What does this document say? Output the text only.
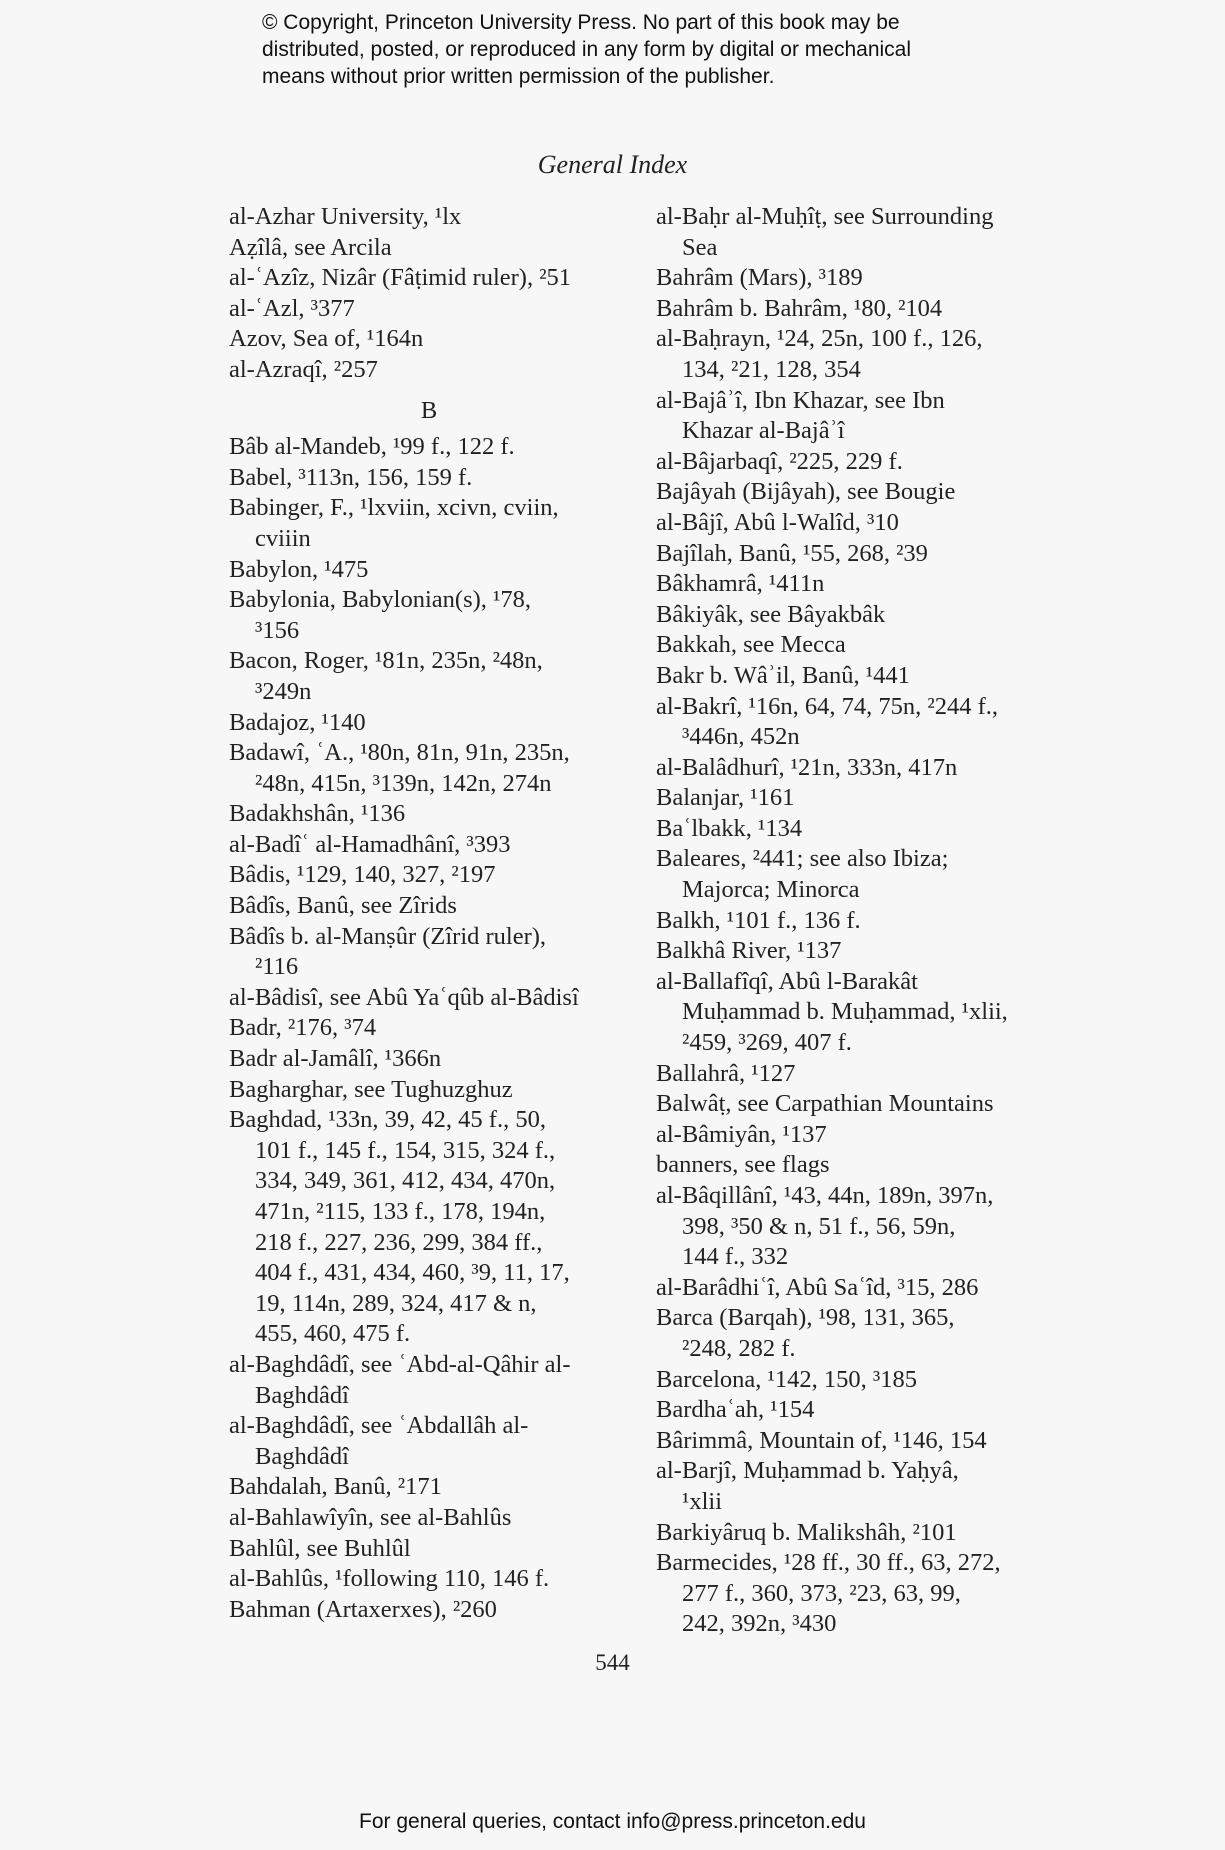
© Copyright, Princeton University Press. No part of this book may be
distributed, posted, or reproduced in any form by digital or mechanical
means without prior written permission of the publisher.
General Index
al-Azhar University, ¹lx
Aẓîlâ, see Arcila
al-ʿAzîz, Nizâr (Fâṭimid ruler), ²51
al-ʿAzl, ³377
Azov, Sea of, ¹164n
al-Azraqî, ²257
B
Bâb al-Mandeb, ¹99 f., 122 f.
Babel, ³113n, 156, 159 f.
Babinger, F., ¹lxviin, xcivn, cviin,
cviiin
Babylon, ¹475
Babylonia, Babylonian(s), ¹78,
³156
Bacon, Roger, ¹81n, 235n, ²48n,
³249n
Badajoz, ¹140
Badawî, ʿA., ¹80n, 81n, 91n, 235n,
²48n, 415n, ³139n, 142n, 274n
Badakhshân, ¹136
al-Badîʿ al-Hamadhânî, ³393
Bâdis, ¹129, 140, 327, ²197
Bâdîs, Banû, see Zîrids
Bâdîs b. al-Manṣûr (Zîrid ruler),
²116
al-Bâdisî, see Abû Yaʿqûb al-Bâdisî
Badr, ²176, ³74
Badr al-Jamâlî, ¹366n
Bagharghar, see Tughuzghuz
Baghdad, ¹33n, 39, 42, 45 f., 50,
101 f., 145 f., 154, 315, 324 f.,
334, 349, 361, 412, 434, 470n,
471n, ²115, 133 f., 178, 194n,
218 f., 227, 236, 299, 384 ff.,
404 f., 431, 434, 460, ³9, 11, 17,
19, 114n, 289, 324, 417 & n,
455, 460, 475 f.
al-Baghdâdî, see ʿAbd-al-Qâhir al-
Baghdâdî
al-Baghdâdî, see ʿAbdallâh al-
Baghdâdî
Bahdalah, Banû, ²171
al-Bahlawîyîn, see al-Bahlûs
Bahlûl, see Buhlûl
al-Bahlûs, ¹following 110, 146 f.
Bahman (Artaxerxes), ²260
al-Baḥr al-Muḥîṭ, see Surrounding
Sea
Bahrâm (Mars), ³189
Bahrâm b. Bahrâm, ¹80, ²104
al-Baḥrayn, ¹24, 25n, 100 f., 126,
134, ²21, 128, 354
al-Bajâʾî, Ibn Khazar, see Ibn
Khazar al-Bajâʾî
al-Bâjarbaqî, ²225, 229 f.
Bajâyah (Bijâyah), see Bougie
al-Bâjî, Abû l-Walîd, ³10
Bajîlah, Banû, ¹55, 268, ²39
Bâkhamrâ, ¹411n
Bâkiyâk, see Bâyakbâk
Bakkah, see Mecca
Bakr b. Wâʾil, Banû, ¹441
al-Bakrî, ¹16n, 64, 74, 75n, ²244 f.,
³446n, 452n
al-Balâdhurî, ¹21n, 333n, 417n
Balanjar, ¹161
Baʿlbakk, ¹134
Baleares, ²441; see also Ibiza;
Majorca; Minorca
Balkh, ¹101 f., 136 f.
Balkhâ River, ¹137
al-Ballafîqî, Abû l-Barakât
Muḥammad b. Muḥammad, ¹xlii,
²459, ³269, 407 f.
Ballahrâ, ¹127
Balwâṭ, see Carpathian Mountains
al-Bâmiyân, ¹137
banners, see flags
al-Bâqillânî, ¹43, 44n, 189n, 397n,
398, ³50 & n, 51 f., 56, 59n,
144 f., 332
al-Barâdhiʿî, Abû Saʿîd, ³15, 286
Barca (Barqah), ¹98, 131, 365,
²248, 282 f.
Barcelona, ¹142, 150, ³185
Bardhaʿah, ¹154
Bârimmâ, Mountain of, ¹146, 154
al-Barjî, Muḥammad b. Yaḥyâ,
¹xlii
Barkiyâruq b. Malikshâh, ²101
Barmecides, ¹28 ff., 30 ff., 63, 272,
277 f., 360, 373, ²23, 63, 99,
242, 392n, ³430
544
For general queries, contact info@press.princeton.edu
